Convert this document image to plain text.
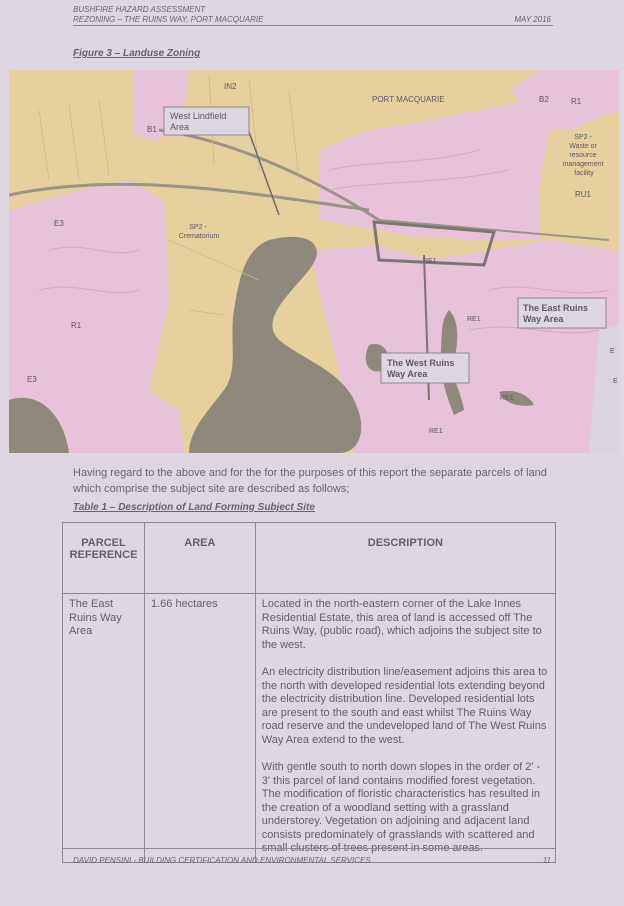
BUSHFIRE HAZARD ASSESSMENT
REZONING – THE RUINS WAY, PORT MACQUARIE	MAY 2016
Figure 3 – Landuse Zoning
IN2
PORT MACQUARIE	B2	R1
B1
SP2 - Waste or resource management facility
RU1
E3	SP2 - Crematorium
RE1
RE1
R1
E3
RE1
RE1
E
E
West Lindfield
Area
The East Ruins
Way Area
The West Ruins
Way Area
Having regard to the above and for the for the purposes of this report the separate parcels of land which comprise the subject site are described as follows;
Table 1 – Description of Land Forming Subject Site
PARCEL REFERENCE	AREA	DESCRIPTION
The East Ruins Way Area	1.66 hectares	Located in the north-eastern corner of the Lake Innes Residential Estate, this area of land is accessed off The Ruins Way, (public road), which adjoins the subject site to the west.

An electricity distribution line/easement adjoins this area to the north with developed residential lots extending beyond the electricity distribution line. Developed residential lots are present to the south and east whilst The Ruins Way road reserve and the undeveloped land of The West Ruins Way Area extend to the west.

With gentle south to north down slopes in the order of 2' - 3' this parcel of land contains modified forest vegetation. The modification of floristic characteristics has resulted in the creation of a woodland setting with a grassland understorey. Vegetation on adjoining and adjacent land consists predominately of grasslands with scattered and small clusters of trees present in some areas.

DAVID PENSINI - BUILDING CERTIFICATION AND ENVIRONMENTAL SERVICES	11
